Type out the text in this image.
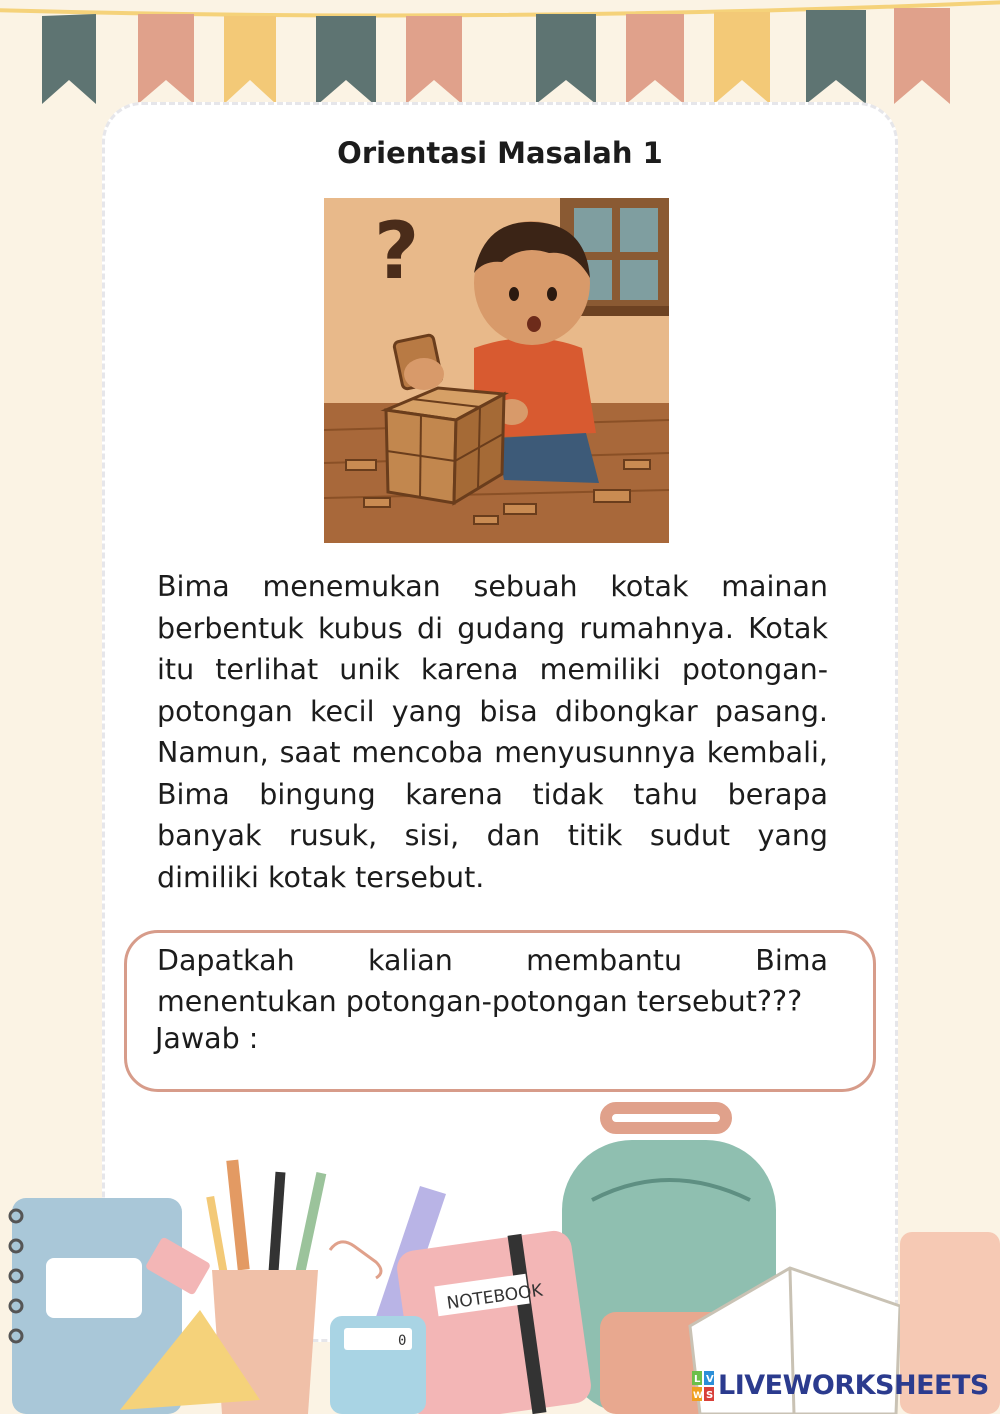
Orientasi Masalah 1
?

Bima menemukan sebuah kotak mainan berbentuk kubus di gudang rumahnya. Kotak itu terlihat unik karena memiliki potongan-potongan kecil yang bisa dibongkar pasang. Namun, saat mencoba menyusunnya kembali, Bima bingung karena tidak tahu berapa banyak rusuk, sisi, dan titik sudut yang dimiliki kotak tersebut.

Dapatkah kalian membantu Bima
menentukan potongan-potongan tersebut???

Jawab :
NOTEBOOK
0
L V
W S LIVEWORKSHEETS
